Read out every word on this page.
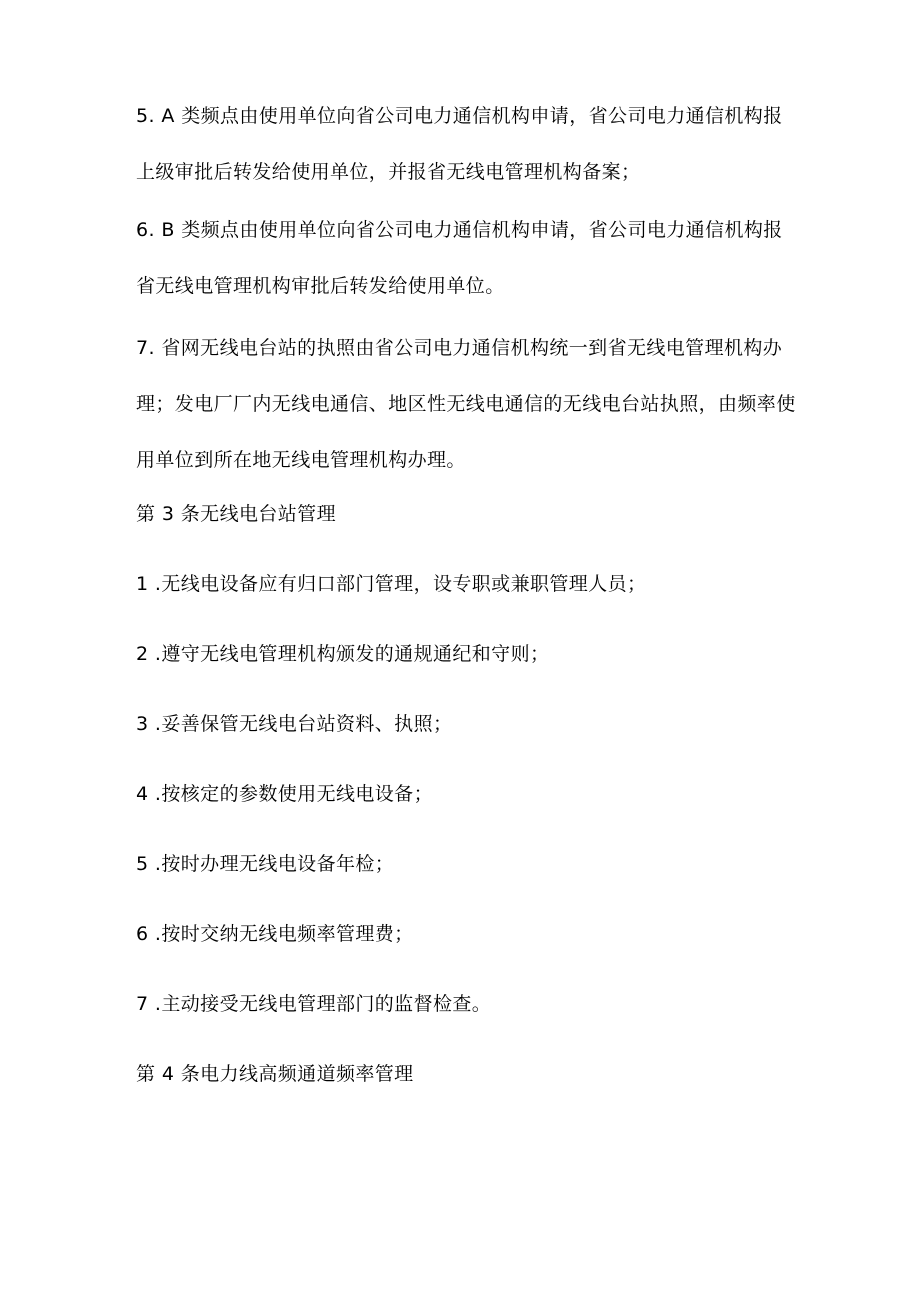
5. A 类频点由使用单位向省公司电力通信机构申请，省公司电力通信机构报上级审批后转发给使用单位，并报省无线电管理机构备案；
6. B 类频点由使用单位向省公司电力通信机构申请，省公司电力通信机构报省无线电管理机构审批后转发给使用单位。
7. 省网无线电台站的执照由省公司电力通信机构统一到省无线电管理机构办理；发电厂厂内无线电通信、地区性无线电通信的无线电台站执照，由频率使用单位到所在地无线电管理机构办理。
第 3 条无线电台站管理
1 .无线电设备应有归口部门管理，设专职或兼职管理人员；
2 .遵守无线电管理机构颁发的通规通纪和守则；
3 .妥善保管无线电台站资料、执照；
4 .按核定的参数使用无线电设备；
5 .按时办理无线电设备年检；
6 .按时交纳无线电频率管理费；
7 .主动接受无线电管理部门的监督检查。
第 4 条电力线高频通道频率管理
